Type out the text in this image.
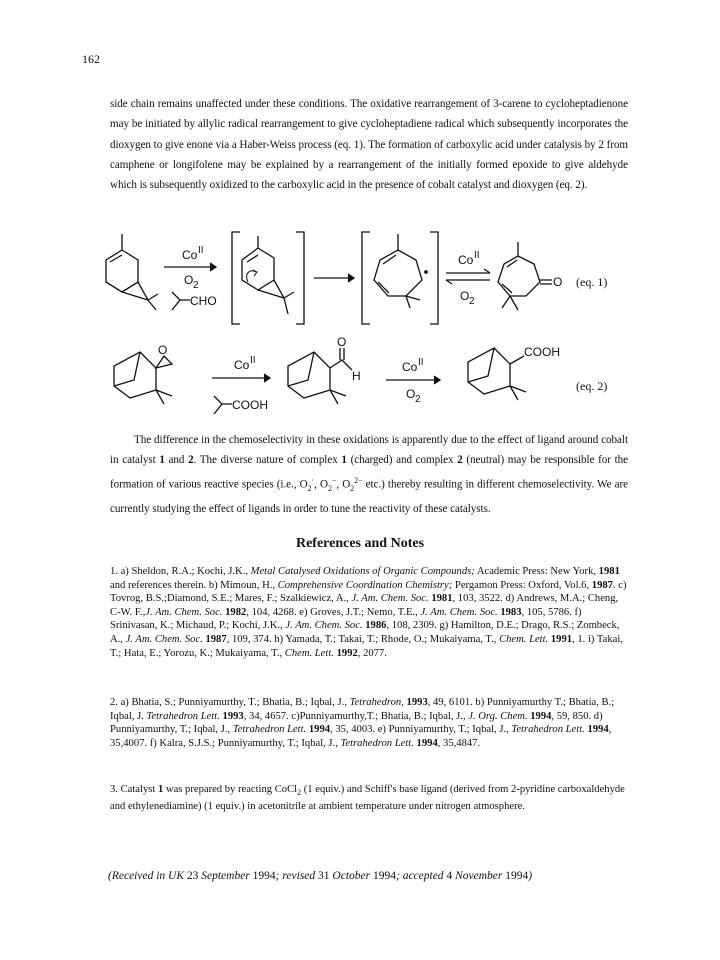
162
side chain remains unaffected under these conditions. The oxidative rearrangement of 3-carene to cycloheptadienone may be initiated by allylic radical rearrangement to give cycloheptadiene radical which subsequently incorporates the dioxygen to give enone via a Haber-Weiss process (eq. 1). The formation of carboxylic acid under catalysis by 2 from camphene or longifolene may be explained by a rearrangement of the initially formed epoxide to give aldehyde which is subsequently oxidized to the carboxylic acid in the presence of cobalt catalyst and dioxygen (eq. 2).
Co II
O 2
CHO
Co II
O 2
O (eq. 1)
O
Co II
COOH
O
H
Co II
O 2
COOH
(eq. 2)
The difference in the chemoselectivity in these oxidations is apparently due to the effect of ligand around cobalt in catalyst 1 and 2. The diverse nature of complex 1 (charged) and complex 2 (neutral) may be responsible for the formation of various reactive species (i.e., $O_2^\cdot$, $O_2^-$, $O_2^{2-}$ etc.) thereby resulting in different chemoselectivity. We are currently studying the effect of ligands in order to tune the reactivity of these catalysts.
References and Notes
1. a) Sheldon, R.A.; Kochi, J.K., Metal Catalysed Oxidations of Organic Compounds; Academic Press: New York, 1981 and references therein. b) Mimoun, H., Comprehensive Coordination Chemistry; Pergamon Press: Oxford, Vol.6, 1987. c) Tovrog, B.S.;Diamond, S.E.; Mares, F.; Szalkiewicz, A., J. Am. Chem. Soc. 1981, 103, 3522. d) Andrews, M.A.; Cheng, C-W. F.,J. Am. Chem. Soc. 1982, 104, 4268. e) Groves, J.T.; Nemo, T.E., J. Am. Chem. Soc. 1983, 105, 5786. f) Srinivasan, K.; Michaud, P.; Kochi, J.K., J. Am. Chem. Soc. 1986, 108, 2309. g) Hamilton, D.E.; Drago, R.S.; Zombeck, A., J. Am. Chem. Soc. 1987, 109, 374. h) Yamada, T.; Takai, T.; Rhode, O.; Mukaiyama, T., Chem. Lett. 1991, 1. i) Takai, T.; Hata, E.; Yorozu, K.; Mukaiyama, T., Chem. Lett. 1992, 2077.
2. a) Bhatia, S.; Punniyamurthy, T.; Bhatia, B.; Iqbal, J., Tetrahedron, 1993, 49, 6101. b) Punniyamurthy T.; Bhatia, B.; Iqbal, J. Tetrahedron Lett. 1993, 34, 4657. c)Punniyamurthy,T.; Bhatia, B.; Iqbal, J., J. Org. Chem. 1994, 59, 850. d) Punniyamurthy, T.; Iqbal, J., Tetrahedron Lett. 1994, 35, 4003. e) Punniyamurthy, T.; Iqbal, J., Tetrahedron Lett. 1994, 35,4007. f) Kalra, S.J.S.; Punniyamurthy, T.; Iqbal, J., Tetrahedron Lett. 1994, 35,4847.
3. Catalyst 1 was prepared by reacting CoCl$_2$ (1 equiv.) and Schiff's base ligand (derived from 2-pyridine carboxaldehyde and ethylenediamine) (1 equiv.) in acetonitrile at ambient temperature under nitrogen atmosphere.
(Received in UK 23 September 1994; revised 31 October 1994; accepted 4 November 1994)
